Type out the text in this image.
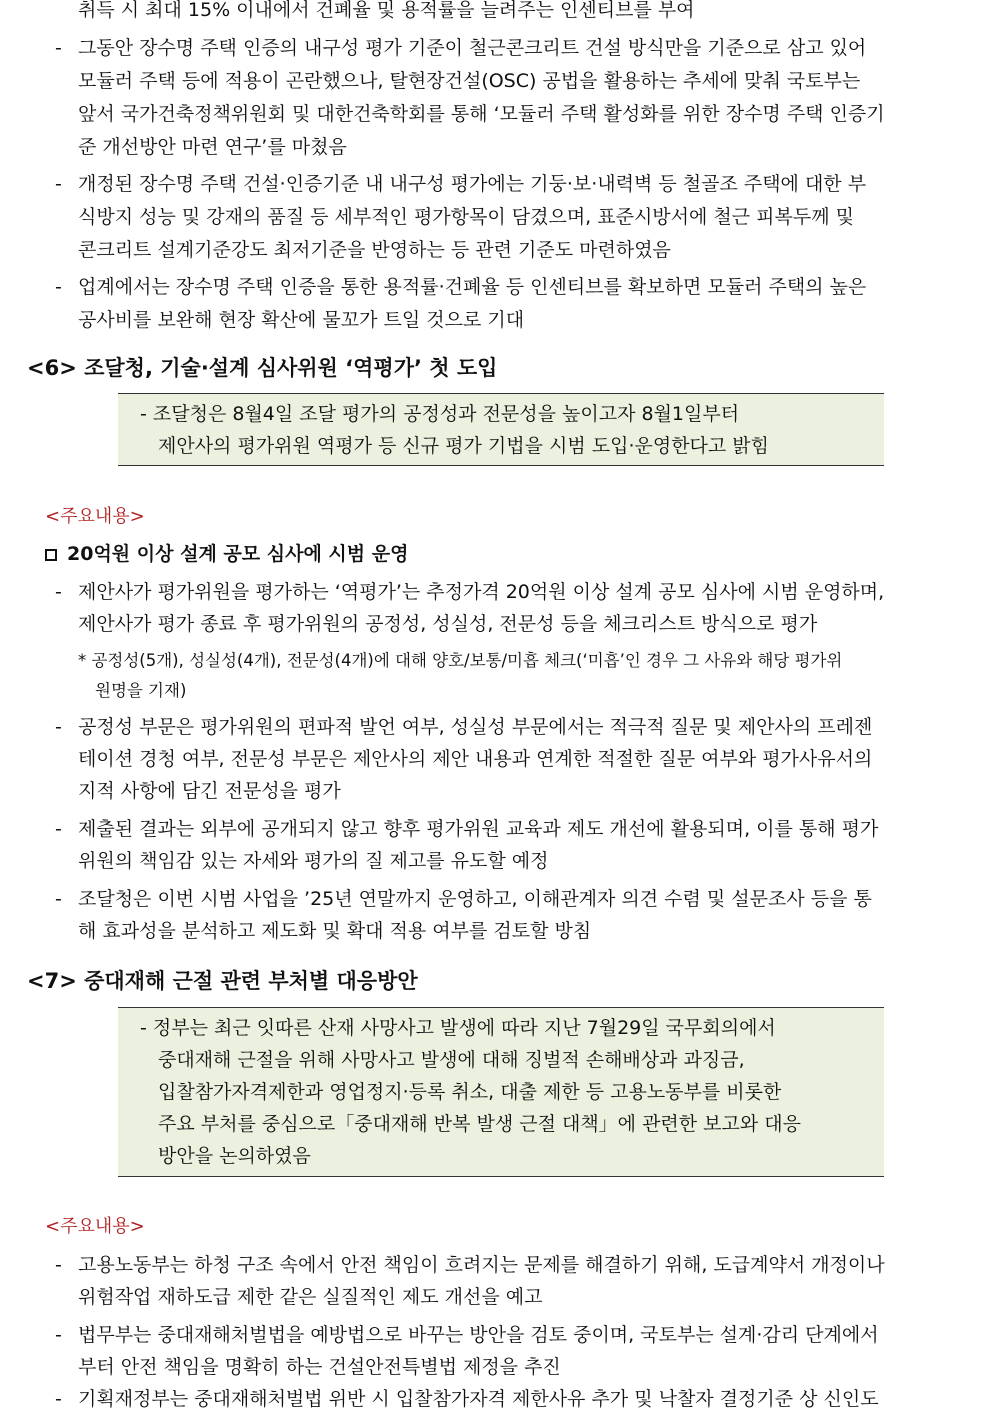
취득 시 최대 15% 이내에서 건폐율 및 용적률을 늘려주는 인센티브를 부여
- 그동안 장수명 주택 인증의 내구성 평가 기준이 철근콘크리트 건설 방식만을 기준으로 삼고 있어
모듈러 주택 등에 적용이 곤란했으나, 탈현장건설(OSC) 공법을 활용하는 추세에 맞춰 국토부는
앞서 국가건축정책위원회 및 대한건축학회를 통해 ‘모듈러 주택 활성화를 위한 장수명 주택 인증기
준 개선방안 마련 연구’를 마쳤음
- 개정된 장수명 주택 건설·인증기준 내 내구성 평가에는 기둥·보·내력벽 등 철골조 주택에 대한 부
식방지 성능 및 강재의 품질 등 세부적인 평가항목이 담겼으며, 표준시방서에 철근 피복두께 및
콘크리트 설계기준강도 최저기준을 반영하는 등 관련 기준도 마련하였음
- 업계에서는 장수명 주택 인증을 통한 용적률·건폐율 등 인센티브를 확보하면 모듈러 주택의 높은
공사비를 보완해 현장 확산에 물꼬가 트일 것으로 기대
<6> 조달청, 기술·설계 심사위원 ‘역평가’ 첫 도입
- 조달청은 8월4일 조달 평가의 공정성과 전문성을 높이고자 8월1일부터
제안사의 평가위원 역평가 등 신규 평가 기법을 시범 도입·운영한다고 밝힘
<주요내용>
20억원 이상 설계 공모 심사에 시범 운영
- 제안사가 평가위원을 평가하는 ‘역평가’는 추정가격 20억원 이상 설계 공모 심사에 시범 운영하며,
제안사가 평가 종료 후 평가위원의 공정성, 성실성, 전문성 등을 체크리스트 방식으로 평가
* 공정성(5개), 성실성(4개), 전문성(4개)에 대해 양호/보통/미흡 체크(‘미흡’인 경우 그 사유와 해당 평가위
원명을 기재)
- 공정성 부문은 평가위원의 편파적 발언 여부, 성실성 부문에서는 적극적 질문 및 제안사의 프레젠
테이션 경청 여부, 전문성 부문은 제안사의 제안 내용과 연계한 적절한 질문 여부와 평가사유서의
지적 사항에 담긴 전문성을 평가
- 제출된 결과는 외부에 공개되지 않고 향후 평가위원 교육과 제도 개선에 활용되며, 이를 통해 평가
위원의 책임감 있는 자세와 평가의 질 제고를 유도할 예정
- 조달청은 이번 시범 사업을 ’25년 연말까지 운영하고, 이해관계자 의견 수렴 및 설문조사 등을 통
해 효과성을 분석하고 제도화 및 확대 적용 여부를 검토할 방침
<7> 중대재해 근절 관련 부처별 대응방안
- 정부는 최근 잇따른 산재 사망사고 발생에 따라 지난 7월29일 국무회의에서
중대재해 근절을 위해 사망사고 발생에 대해 징벌적 손해배상과 과징금,
입찰참가자격제한과 영업정지·등록 취소, 대출 제한 등 고용노동부를 비롯한
주요 부처를 중심으로「중대재해 반복 발생 근절 대책」에 관련한 보고와 대응
방안을 논의하였음
<주요내용>
- 고용노동부는 하청 구조 속에서 안전 책임이 흐려지는 문제를 해결하기 위해, 도급계약서 개정이나
위험작업 재하도급 제한 같은 실질적인 제도 개선을 예고
- 법무부는 중대재해처벌법을 예방법으로 바꾸는 방안을 검토 중이며, 국토부는 설계·감리 단계에서
부터 안전 책임을 명확히 하는 건설안전특별법 제정을 추진
- 기획재정부는 중대재해처벌법 위반 시 입찰참가자격 제한사유 추가 및 낙찰자 결정기준 상 신인도
